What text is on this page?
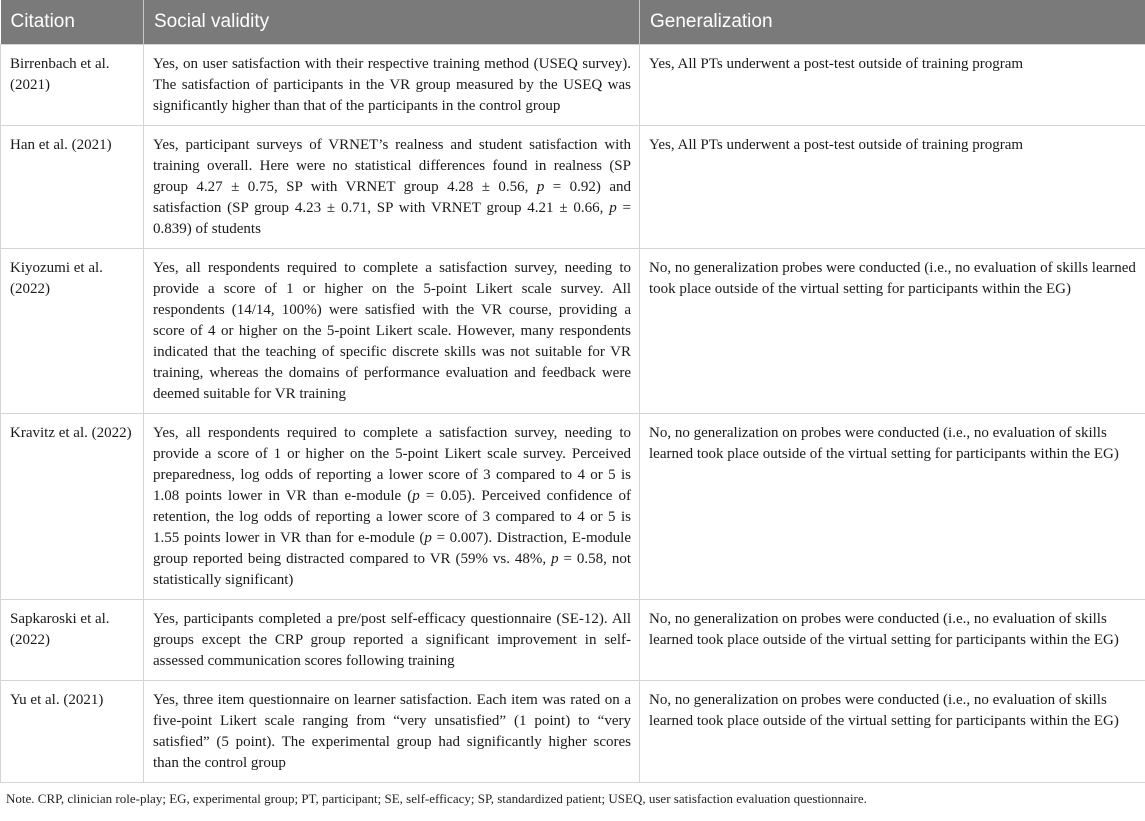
Citation	Social validity	Generalization
Birrenbach et al. (2021)	Yes, on user satisfaction with their respective training method (USEQ survey). The satisfaction of participants in the VR group measured by the USEQ was significantly higher than that of the participants in the control group	Yes, All PTs underwent a post-test outside of training program
Han et al. (2021)	Yes, participant surveys of VRNET’s realness and student satisfaction with training overall. Here were no statistical differences found in realness (SP group 4.27 ± 0.75, SP with VRNET group 4.28 ± 0.56, p = 0.92) and satisfaction (SP group 4.23 ± 0.71, SP with VRNET group 4.21 ± 0.66, p = 0.839) of students	Yes, All PTs underwent a post-test outside of training program
Kiyozumi et al. (2022)	Yes, all respondents required to complete a satisfaction survey, needing to provide a score of 1 or higher on the 5-point Likert scale survey. All respondents (14/14, 100%) were satisfied with the VR course, providing a score of 4 or higher on the 5-point Likert scale. However, many respondents indicated that the teaching of specific discrete skills was not suitable for VR training, whereas the domains of performance evaluation and feedback were deemed suitable for VR training	No, no generalization probes were conducted (i.e., no evaluation of skills learned took place outside of the virtual setting for participants within the EG)
Kravitz et al. (2022)	Yes, all respondents required to complete a satisfaction survey, needing to provide a score of 1 or higher on the 5-point Likert scale survey. Perceived preparedness, log odds of reporting a lower score of 3 compared to 4 or 5 is 1.08 points lower in VR than e-module (p = 0.05). Perceived confidence of retention, the log odds of reporting a lower score of 3 compared to 4 or 5 is 1.55 points lower in VR than for e-module (p = 0.007). Distraction, E-module group reported being distracted compared to VR (59% vs. 48%, p = 0.58, not statistically significant)	No, no generalization on probes were conducted (i.e., no evaluation of skills learned took place outside of the virtual setting for participants within the EG)
Sapkaroski et al. (2022)	Yes, participants completed a pre/post self-efficacy questionnaire (SE-12). All groups except the CRP group reported a significant improvement in self-assessed communication scores following training	No, no generalization on probes were conducted (i.e., no evaluation of skills learned took place outside of the virtual setting for participants within the EG)
Yu et al. (2021)	Yes, three item questionnaire on learner satisfaction. Each item was rated on a five-point Likert scale ranging from “very unsatisfied” (1 point) to “very satisfied” (5 point). The experimental group had significantly higher scores than the control group	No, no generalization on probes were conducted (i.e., no evaluation of skills learned took place outside of the virtual setting for participants within the EG)
Note. CRP, clinician role-play; EG, experimental group; PT, participant; SE, self-efficacy; SP, standardized patient; USEQ, user satisfaction evaluation questionnaire.
